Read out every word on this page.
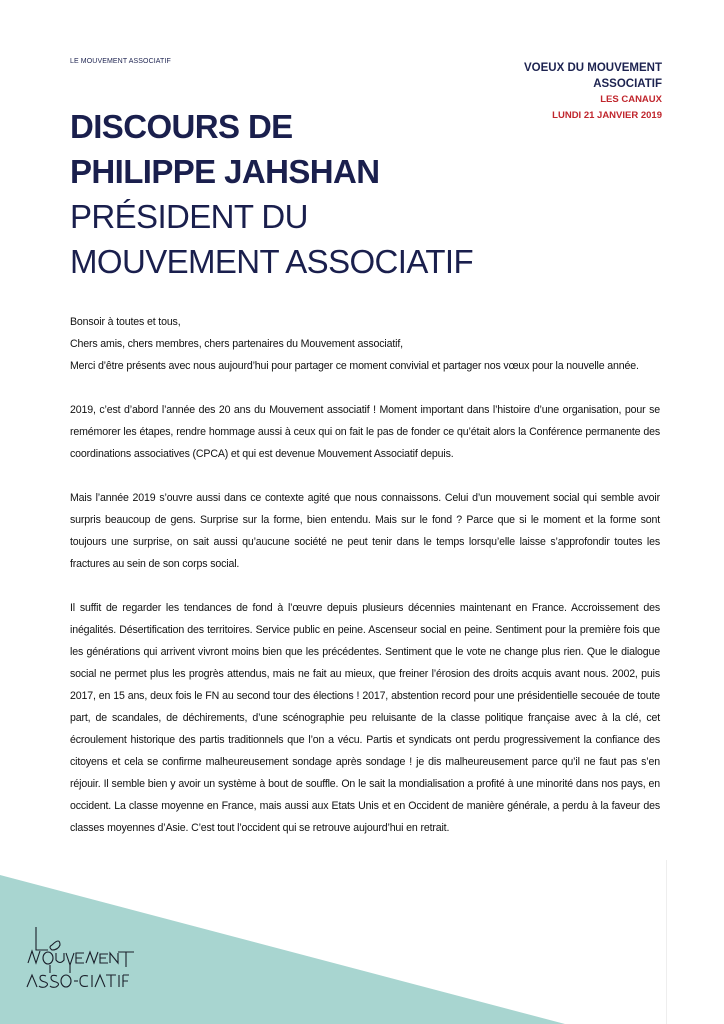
LE MOUVEMENT ASSOCIATIF
VOEUX DU MOUVEMENT
ASSOCIATIF
LES CANAUX
LUNDI 21 JANVIER 2019
DISCOURS DE
PHILIPPE JAHSHAN
PRÉSIDENT DU
MOUVEMENT ASSOCIATIF

Bonsoir à toutes et tous,

Chers amis, chers membres, chers partenaires du Mouvement associatif,

Merci d’être présents avec nous aujourd’hui pour partager ce moment convivial et partager nos vœux pour la nouvelle année.

2019, c’est d’abord l’année des 20 ans du Mouvement associatif ! Moment important dans l’histoire d’une organisation, pour se remémorer les étapes, rendre hommage aussi à ceux qui on fait le pas de fonder ce qu’était alors la Conférence permanente des coordinations associatives (CPCA) et qui est devenue Mouvement Associatif depuis.

Mais l’année 2019 s’ouvre aussi dans ce contexte agité que nous connaissons. Celui d’un mouvement social qui semble avoir surpris beaucoup de gens. Surprise sur la forme, bien entendu. Mais sur le fond ? Parce que si le moment et la forme sont toujours une surprise, on sait aussi qu’aucune société ne peut tenir dans le temps lorsqu’elle laisse s’approfondir toutes les fractures au sein de son corps social.

Il suffit de regarder les tendances de fond à l’œuvre depuis plusieurs décennies maintenant en France. Accroissement des inégalités. Désertification des territoires. Service public en peine. Ascenseur social en peine. Sentiment pour la première fois que les générations qui arrivent vivront moins bien que les précédentes. Sentiment que le vote ne change plus rien. Que le dialogue social ne permet plus les progrès attendus, mais ne fait au mieux, que freiner l’érosion des droits acquis avant nous. 2002, puis 2017, en 15 ans, deux fois le FN au second tour des élections ! 2017, abstention record pour une présidentielle secouée de toute part, de scandales, de déchirements, d’une scénographie peu reluisante de la classe politique française avec à la clé, cet écroulement historique des partis traditionnels que l’on a vécu. Partis et syndicats ont perdu progressivement la confiance des citoyens et cela se confirme malheureusement sondage après sondage ! je dis malheureusement parce qu’il ne faut pas s’en réjouir. Il semble bien y avoir un système à bout de souffle. On le sait la mondialisation a profité à une minorité dans nos pays, en occident. La classe moyenne en France, mais aussi aux Etats Unis et en Occident de manière générale, a perdu à la faveur des classes moyennes d’Asie. C’est tout l’occident qui se retrouve aujourd’hui en retrait.
